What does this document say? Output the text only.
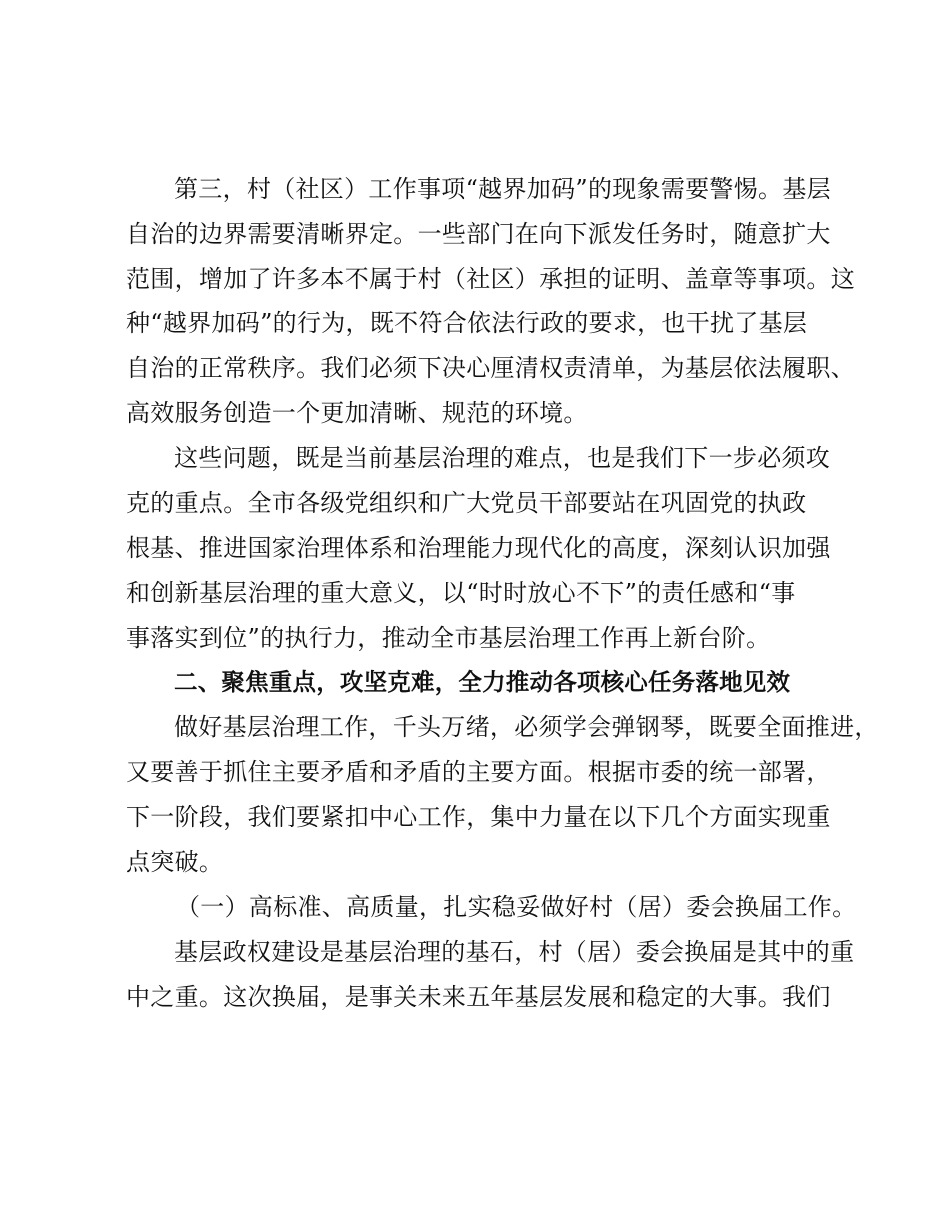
第三，村（社区）工作事项“越界加码”的现象需要警惕。基层
自治的边界需要清晰界定。一些部门在向下派发任务时，随意扩大
范围，增加了许多本不属于村（社区）承担的证明、盖章等事项。这
种“越界加码”的行为，既不符合依法行政的要求，也干扰了基层
自治的正常秩序。我们必须下决心厘清权责清单，为基层依法履职、
高效服务创造一个更加清晰、规范的环境。
这些问题，既是当前基层治理的难点，也是我们下一步必须攻
克的重点。全市各级党组织和广大党员干部要站在巩固党的执政
根基、推进国家治理体系和治理能力现代化的高度，深刻认识加强
和创新基层治理的重大意义，以“时时放心不下”的责任感和“事
事落实到位”的执行力，推动全市基层治理工作再上新台阶。
二、聚焦重点，攻坚克难，全力推动各项核心任务落地见效
做好基层治理工作，千头万绪，必须学会弹钢琴，既要全面推进，
又要善于抓住主要矛盾和矛盾的主要方面。根据市委的统一部署，
下一阶段，我们要紧扣中心工作，集中力量在以下几个方面实现重
点突破。
（一）高标准、高质量，扎实稳妥做好村（居）委会换届工作。
基层政权建设是基层治理的基石，村（居）委会换届是其中的重
中之重。这次换届，是事关未来五年基层发展和稳定的大事。我们
